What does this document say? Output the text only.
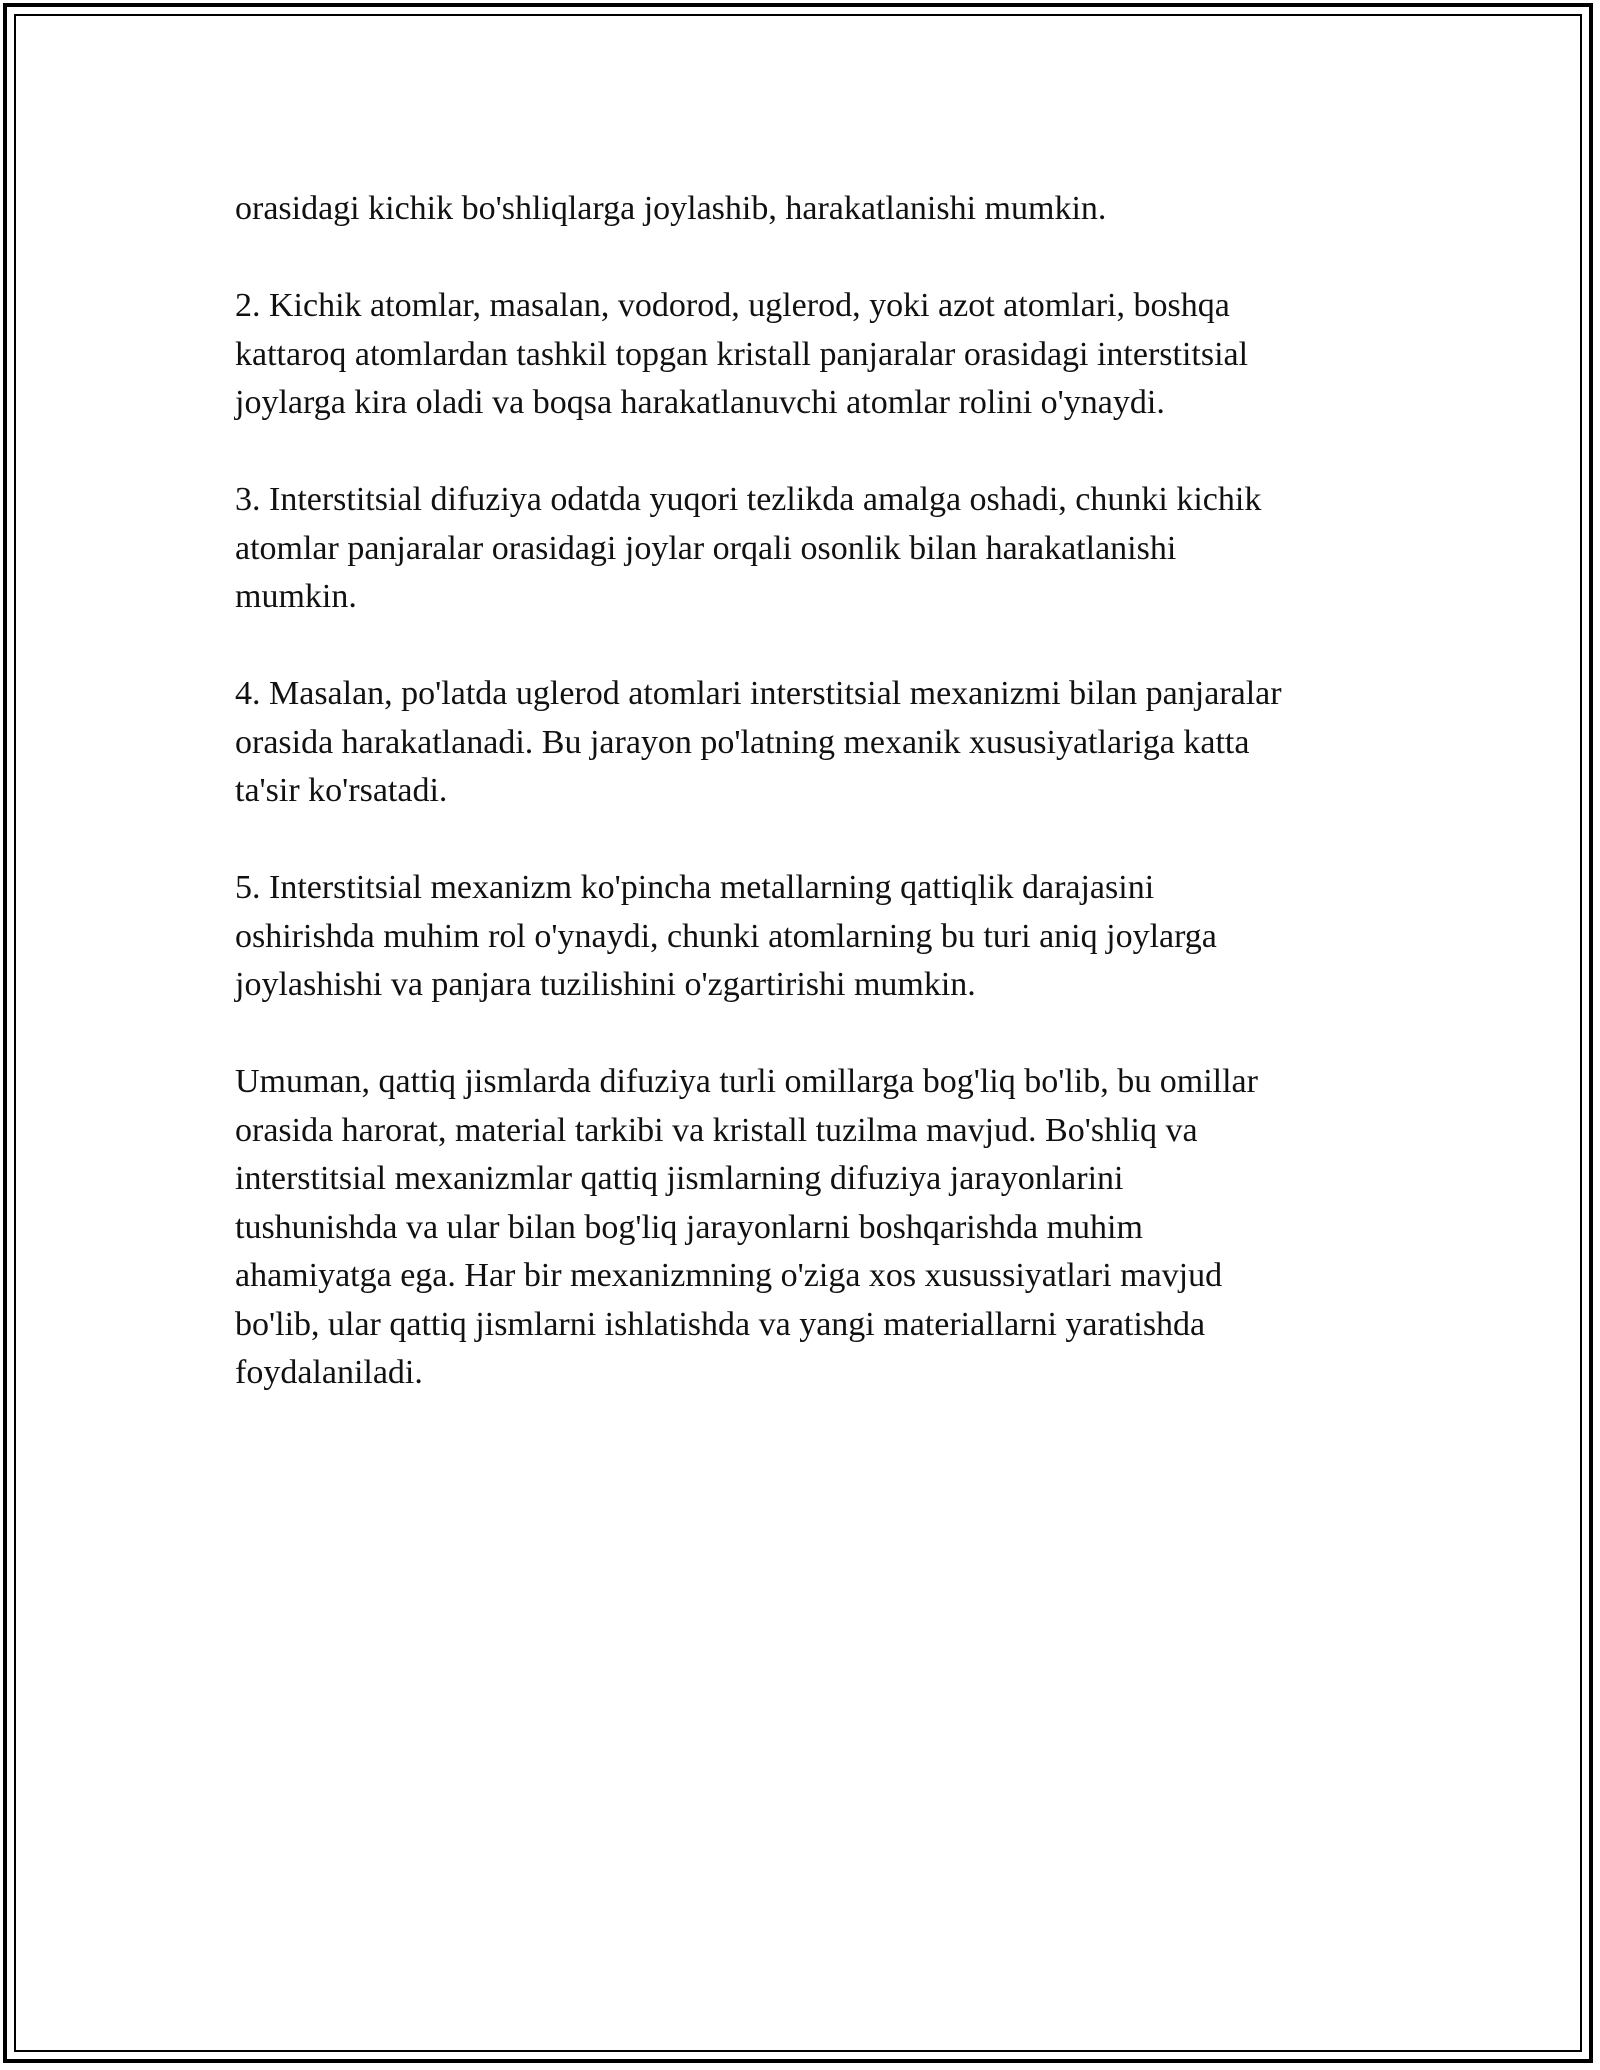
orasidagi kichik bo'shliqlarga joylashib, harakatlanishi mumkin.

2. Kichik atomlar, masalan, vodorod, uglerod, yoki azot atomlari, boshqa
kattaroq atomlardan tashkil topgan kristall panjaralar orasidagi interstitsial
joylarga kira oladi va boqsa harakatlanuvchi atomlar rolini o'ynaydi.

3. Interstitsial difuziya odatda yuqori tezlikda amalga oshadi, chunki kichik
atomlar panjaralar orasidagi joylar orqali osonlik bilan harakatlanishi
mumkin.

4. Masalan, po'latda uglerod atomlari interstitsial mexanizmi bilan panjaralar
orasida harakatlanadi. Bu jarayon po'latning mexanik xususiyatlariga katta
ta'sir ko'rsatadi.

5. Interstitsial mexanizm ko'pincha metallarning qattiqlik darajasini
oshirishda muhim rol o'ynaydi, chunki atomlarning bu turi aniq joylarga
joylashishi va panjara tuzilishini o'zgartirishi mumkin.

Umuman, qattiq jismlarda difuziya turli omillarga bog'liq bo'lib, bu omillar
orasida harorat, material tarkibi va kristall tuzilma mavjud. Bo'shliq va
interstitsial mexanizmlar qattiq jismlarning difuziya jarayonlarini
tushunishda va ular bilan bog'liq jarayonlarni boshqarishda muhim
ahamiyatga ega. Har bir mexanizmning o'ziga xos xusussiyatlari mavjud
bo'lib, ular qattiq jismlarni ishlatishda va yangi materiallarni yaratishda
foydalaniladi.
